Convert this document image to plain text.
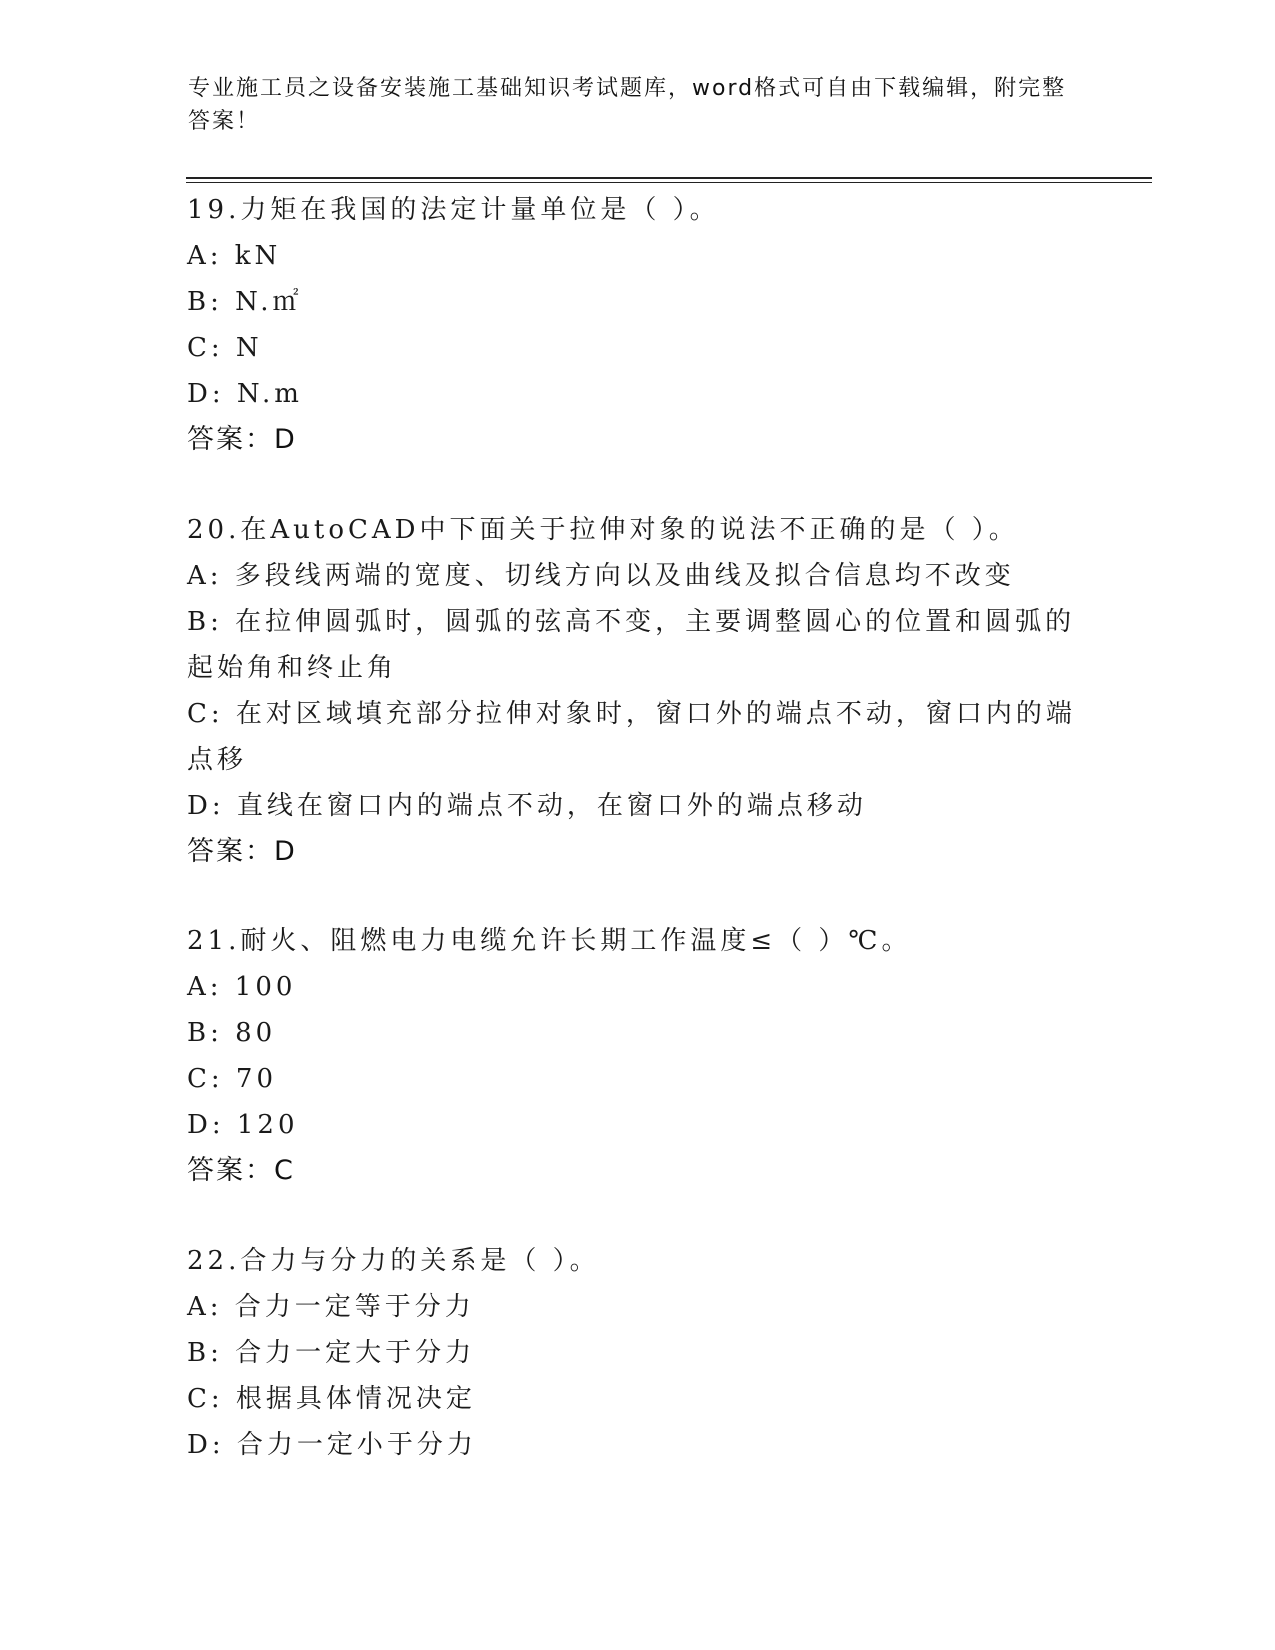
专业施工员之设备安装施工基础知识考试题库，word格式可自由下载编辑，附完整答案！
19.力矩在我国的法定计量单位是（ ）。
A: kN
B: N.㎡
C: N
D: N.m
答案：D
20.在AutoCAD中下面关于拉伸对象的说法不正确的是（ ）。
A: 多段线两端的宽度、切线方向以及曲线及拟合信息均不改变
B: 在拉伸圆弧时，圆弧的弦高不变，主要调整圆心的位置和圆弧的起始角和终止角
C: 在对区域填充部分拉伸对象时，窗口外的端点不动，窗口内的端点移
D: 直线在窗口内的端点不动，在窗口外的端点移动
答案：D
21.耐火、阻燃电力电缆允许长期工作温度≤（ ）℃。
A: 100
B: 80
C: 70
D: 120
答案：C
22.合力与分力的关系是（ ）。
A: 合力一定等于分力
B: 合力一定大于分力
C: 根据具体情况决定
D: 合力一定小于分力
